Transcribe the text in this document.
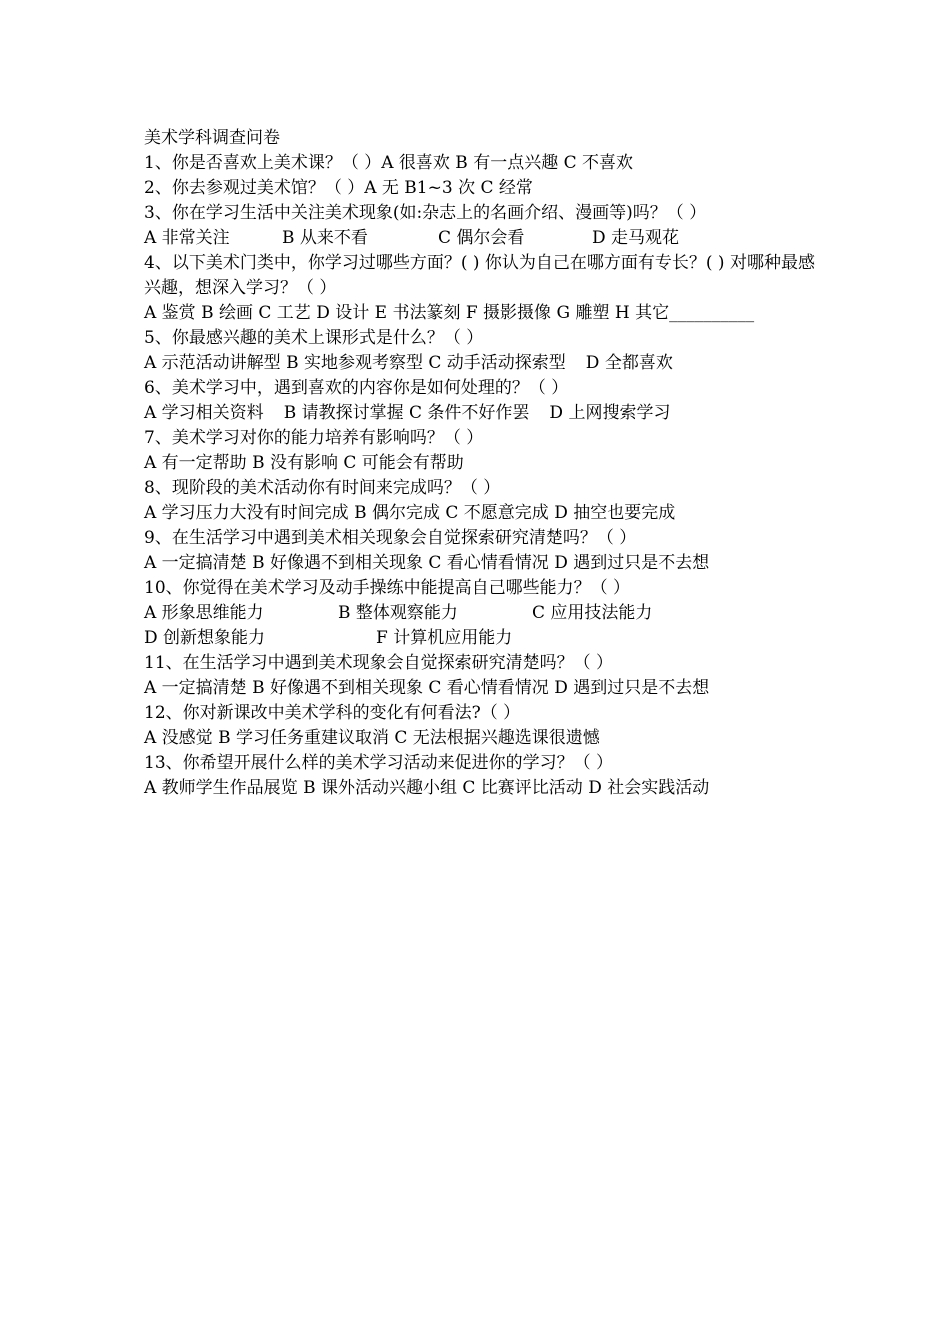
美术学科调查问卷
1、你是否喜欢上美术课？（ ）A 很喜欢 B 有一点兴趣 C 不喜欢
2、你去参观过美术馆？（ ）A 无 B1~3 次 C 经常
3、你在学习生活中关注美术现象(如:杂志上的名画介绍、漫画等)吗？（ ）
A 非常关注	B 从来不看	C 偶尔会看	D 走马观花
4、以下美术门类中，你学习过哪些方面？( ) 你认为自己在哪方面有专长？( ) 对哪种最感兴趣，想深入学习？（ ）
A 鉴赏 B 绘画 C 工艺 D 设计 E 书法篆刻 F 摄影摄像 G 雕塑 H 其它__________
5、你最感兴趣的美术上课形式是什么？（ ）
A 示范活动讲解型 B 实地参观考察型 C 动手活动探索型 D 全都喜欢
6、美术学习中，遇到喜欢的内容你是如何处理的？（ ）
A 学习相关资料 B 请教探讨掌握 C 条件不好作罢 D 上网搜索学习
7、美术学习对你的能力培养有影响吗？（ ）
A 有一定帮助 B 没有影响 C 可能会有帮助
8、现阶段的美术活动你有时间来完成吗？（ ）
A 学习压力大没有时间完成 B 偶尔完成 C 不愿意完成 D 抽空也要完成
9、在生活学习中遇到美术相关现象会自觉探索研究清楚吗？（ ）
A 一定搞清楚 B 好像遇不到相关现象 C 看心情看情况 D 遇到过只是不去想
10、你觉得在美术学习及动手操练中能提高自己哪些能力？（ ）
A 形象思维能力	B 整体观察能力	C 应用技法能力
D 创新想象能力	F 计算机应用能力
11、在生活学习中遇到美术现象会自觉探索研究清楚吗？（ ）
A 一定搞清楚 B 好像遇不到相关现象 C 看心情看情况 D 遇到过只是不去想
12、你对新课改中美术学科的变化有何看法?（ ）
A 没感觉 B 学习任务重建议取消 C 无法根据兴趣选课很遗憾
13、你希望开展什么样的美术学习活动来促进你的学习？（ ）
A 教师学生作品展览 B 课外活动兴趣小组 C 比赛评比活动 D 社会实践活动
